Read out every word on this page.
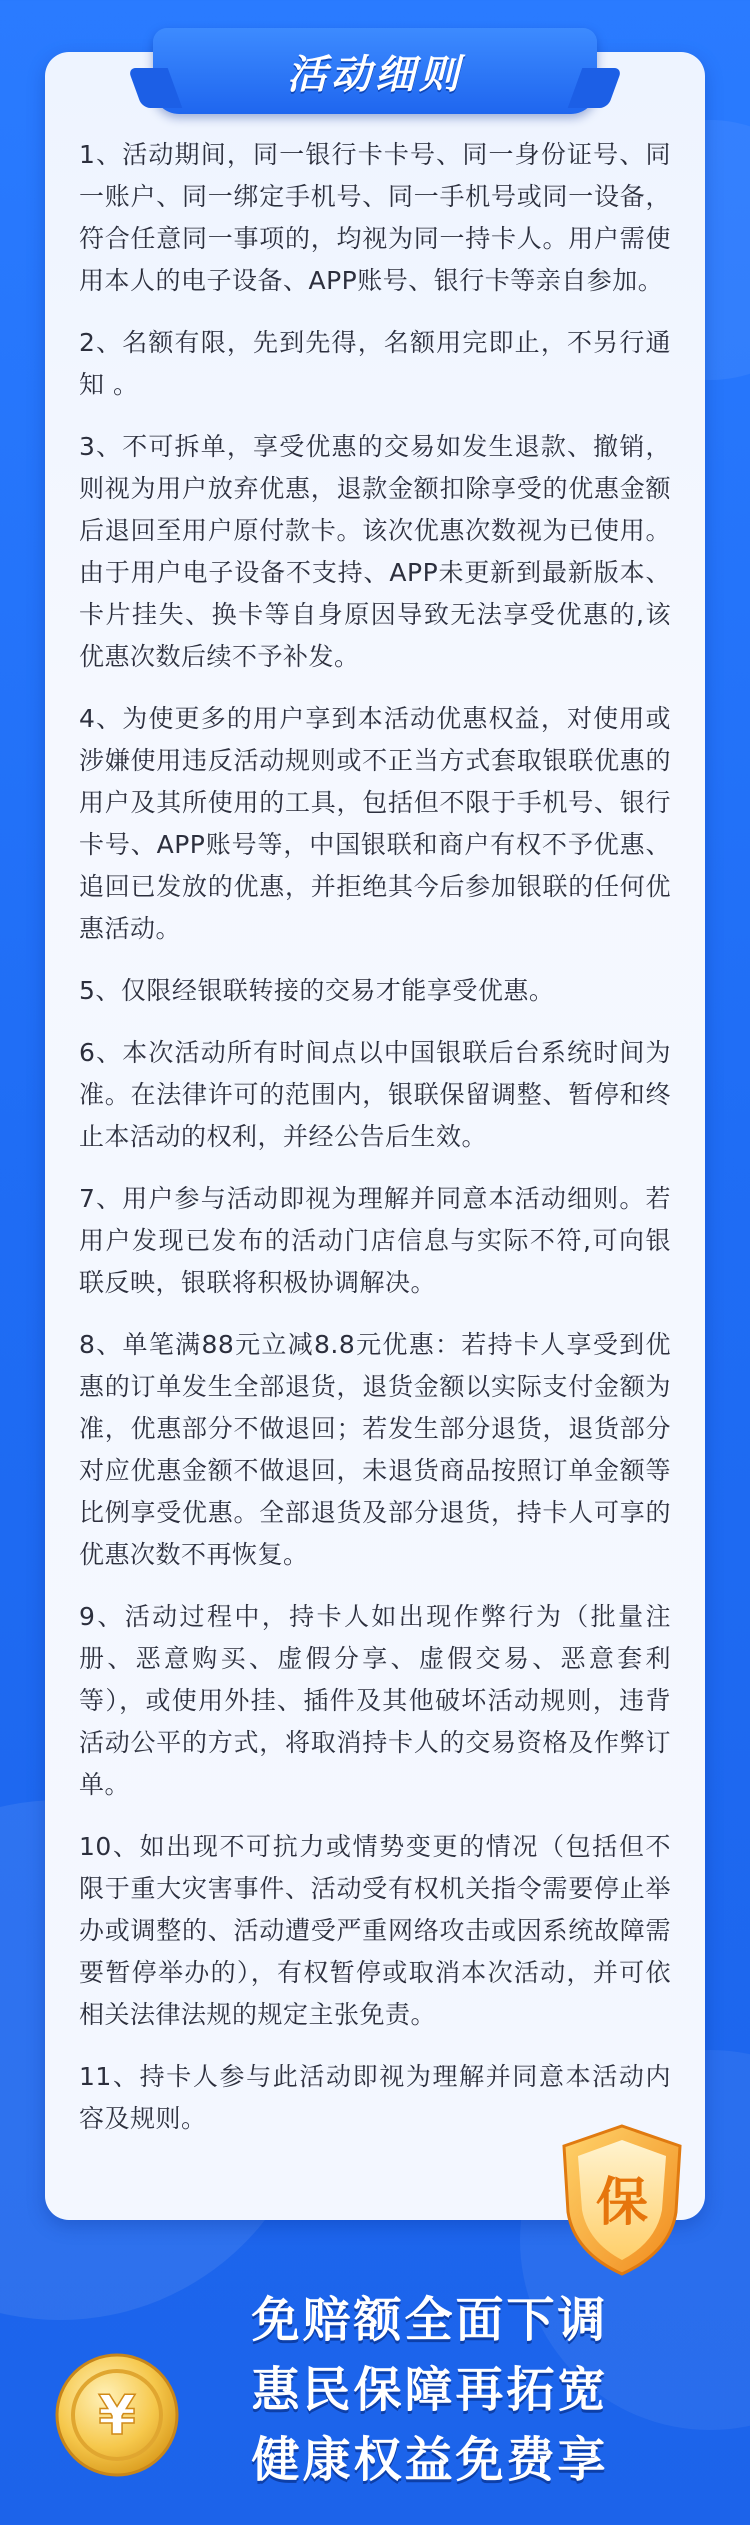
活动细则
1、活动期间，同一银行卡卡号、同一身份证号、同一账户、同一绑定手机号、同一手机号或同一设备，符合任意同一事项的，均视为同一持卡人。用户需使用本人的电子设备、APP账号、银行卡等亲自参加。
2、名额有限，先到先得，名额用完即止，不另行通知 。
3、不可拆单，享受优惠的交易如发生退款、撤销，则视为用户放弃优惠，退款金额扣除享受的优惠金额后退回至用户原付款卡。该次优惠次数视为已使用。由于用户电子设备不支持、APP未更新到最新版本、卡片挂失、换卡等自身原因导致无法享受优惠的,该优惠次数后续不予补发。
4、为使更多的用户享到本活动优惠权益，对使用或涉嫌使用违反活动规则或不正当方式套取银联优惠的用户及其所使用的工具，包括但不限于手机号、银行卡号、APP账号等，中国银联和商户有权不予优惠、追回已发放的优惠，并拒绝其今后参加银联的任何优惠活动。
5、仅限经银联转接的交易才能享受优惠。
6、本次活动所有时间点以中国银联后台系统时间为准。在法律许可的范围内，银联保留调整、暂停和终止本活动的权利，并经公告后生效。
7、用户参与活动即视为理解并同意本活动细则。若用户发现已发布的活动门店信息与实际不符,可向银联反映，银联将积极协调解决。
8、单笔满88元立减8.8元优惠：若持卡人享受到优惠的订单发生全部退货，退货金额以实际支付金额为准，优惠部分不做退回；若发生部分退货，退货部分对应优惠金额不做退回，未退货商品按照订单金额等比例享受优惠。全部退货及部分退货，持卡人可享的优惠次数不再恢复。
9、活动过程中，持卡人如出现作弊行为（批量注册、恶意购买、虚假分享、虚假交易、恶意套利等），或使用外挂、插件及其他破坏活动规则，违背活动公平的方式，将取消持卡人的交易资格及作弊订单。
10、如出现不可抗力或情势变更的情况（包括但不限于重大灾害事件、活动受有权机关指令需要停止举办或调整的、活动遭受严重网络攻击或因系统故障需要暂停举办的），有权暂停或取消本次活动，并可依相关法律法规的规定主张免责。
11、持卡人参与此活动即视为理解并同意本活动内容及规则。
保
¥
免赔额全面下调
惠民保障再拓宽
健康权益免费享
